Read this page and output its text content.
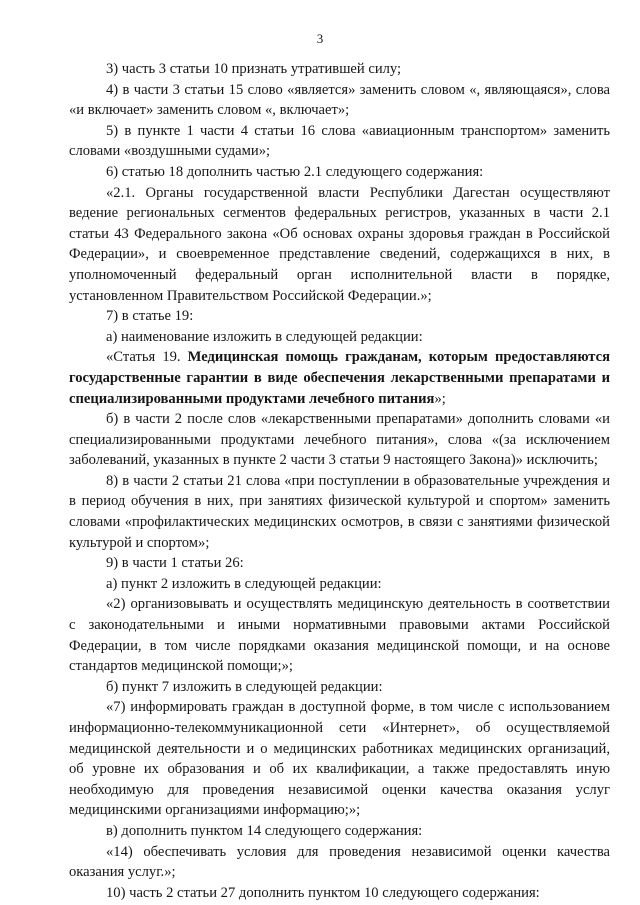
3

3) часть 3 статьи 10 признать утратившей силу;

4) в части 3 статьи 15 слово «является» заменить словом «, являющаяся», слова «и включает» заменить словом «, включает»;

5) в пункте 1 части 4 статьи 16 слова «авиационным транспортом» заменить словами «воздушными судами»;

6) статью 18 дополнить частью 2.1 следующего содержания:

«2.1. Органы государственной власти Республики Дагестан осуществляют ведение региональных сегментов федеральных регистров, указанных в части 2.1 статьи 43 Федерального закона «Об основах охраны здоровья граждан в Российской Федерации», и своевременное представление сведений, содержащихся в них, в уполномоченный федеральный орган исполнительной власти в порядке, установленном Правительством Российской Федерации.»;

7) в статье 19:

а) наименование изложить в следующей редакции:

«Статья 19. Медицинская помощь гражданам, которым предоставляются государственные гарантии в виде обеспечения лекарственными препаратами и специализированными продуктами лечебного питания»;

б) в части 2 после слов «лекарственными препаратами» дополнить словами «и специализированными продуктами лечебного питания», слова «(за исключением заболеваний, указанных в пункте 2 части 3 статьи 9 настоящего Закона)» исключить;

8) в части 2 статьи 21 слова «при поступлении в образовательные учреждения и в период обучения в них, при занятиях физической культурой и спортом» заменить словами «профилактических медицинских осмотров, в связи с занятиями физической культурой и спортом»;

9) в части 1 статьи 26:

а) пункт 2 изложить в следующей редакции:

«2) организовывать и осуществлять медицинскую деятельность в соответствии с законодательными и иными нормативными правовыми актами Российской Федерации, в том числе порядками оказания медицинской помощи, и на основе стандартов медицинской помощи;»;

б) пункт 7 изложить в следующей редакции:

«7) информировать граждан в доступной форме, в том числе с использованием информационно-телекоммуникационной сети «Интернет», об осуществляемой медицинской деятельности и о медицинских работниках медицинских организаций, об уровне их образования и об их квалификации, а также предоставлять иную необходимую для проведения независимой оценки качества оказания услуг медицинскими организациями информацию;»;

в) дополнить пунктом 14 следующего содержания:

«14) обеспечивать условия для проведения независимой оценки качества оказания услуг.»;

10) часть 2 статьи 27 дополнить пунктом 10 следующего содержания:
